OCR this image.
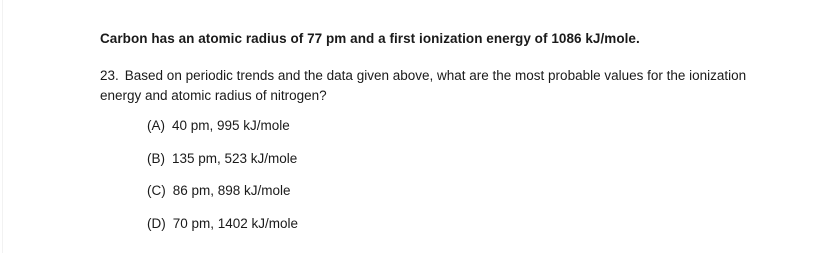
Carbon has an atomic radius of 77 pm and a first ionization energy of 1086 kJ/mole.
23. Based on periodic trends and the data given above, what are the most probable values for the ionization energy and atomic radius of nitrogen?
(A) 40 pm, 995 kJ/mole
(B) 135 pm, 523 kJ/mole
(C) 86 pm, 898 kJ/mole
(D) 70 pm, 1402 kJ/mole
